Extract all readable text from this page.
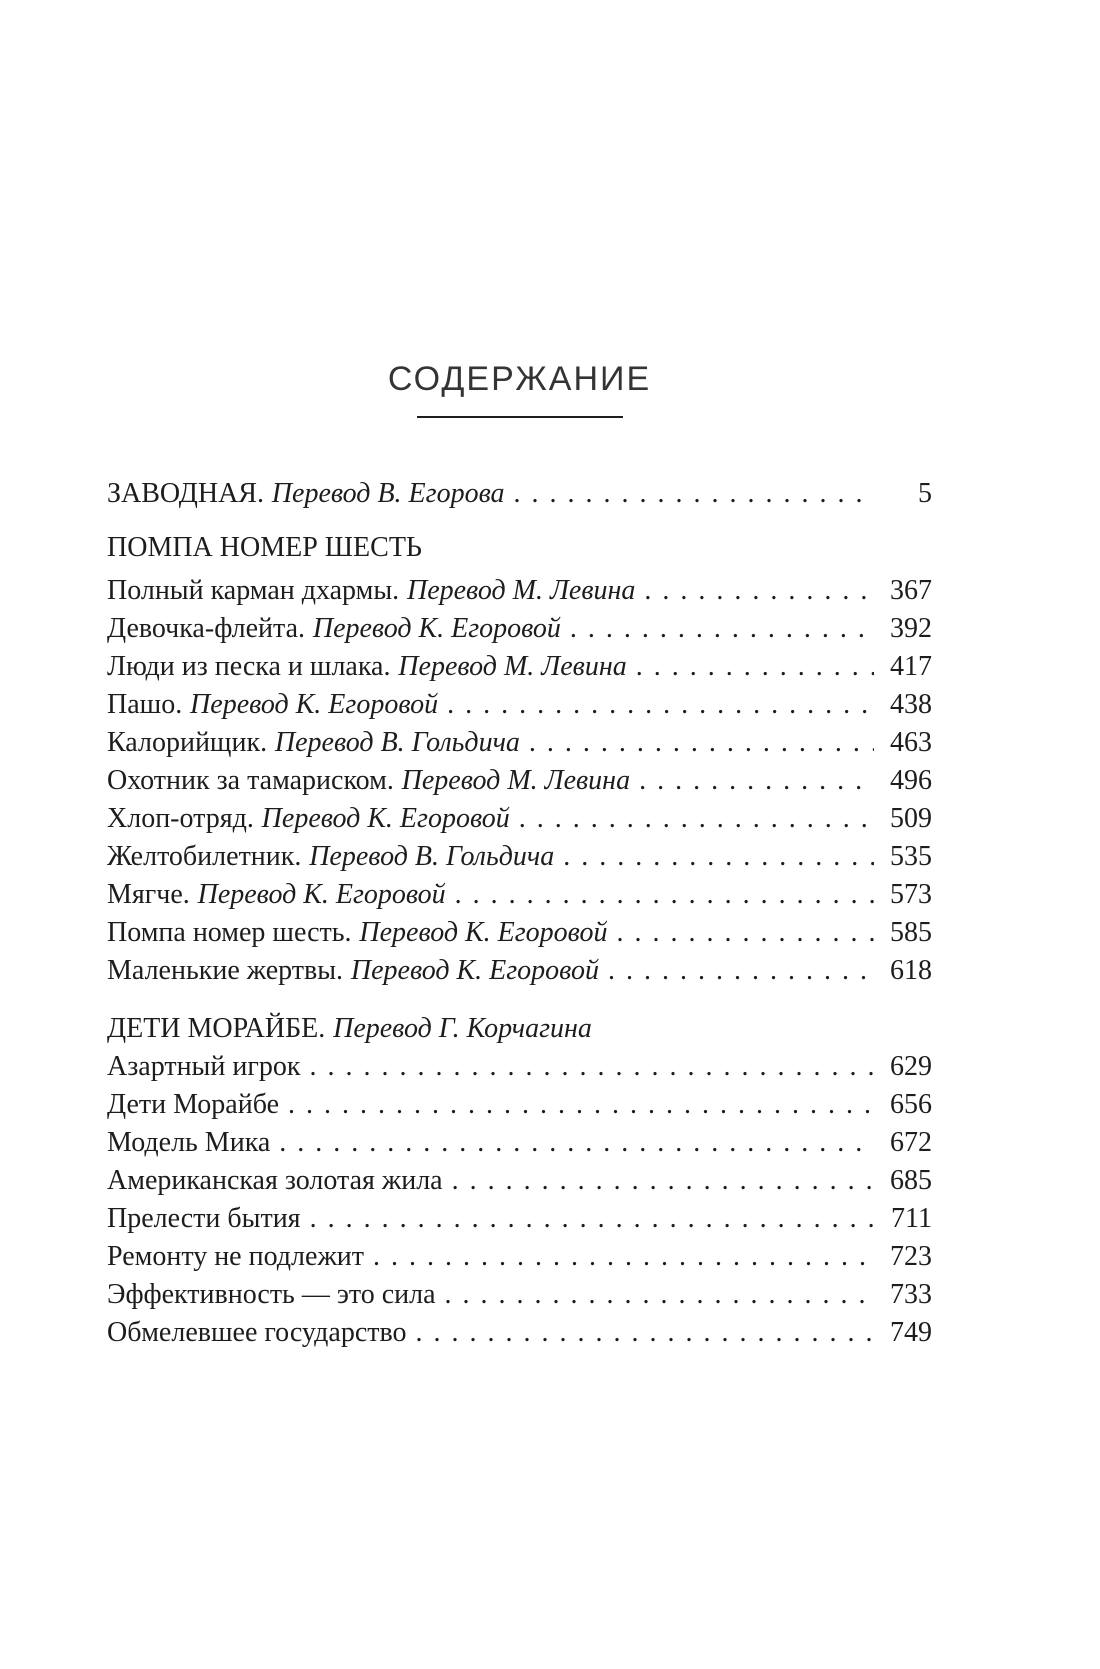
СОДЕРЖАНИЕ
ЗАВОДНАЯ. Перевод В. Егорова .....	5
ПОМПА НОМЕР ШЕСТЬ
Полный карман дхармы. Перевод М. Левина .....	367
Девочка-флейта. Перевод К. Егоровой .....	392
Люди из песка и шлака. Перевод М. Левина .....	417
Пашо. Перевод К. Егоровой .....	438
Калорийщик. Перевод В. Гольдича .....	463
Охотник за тамариском. Перевод М. Левина .....	496
Хлоп-отряд. Перевод К. Егоровой .....	509
Желтобилетник. Перевод В. Гольдича .....	535
Мягче. Перевод К. Егоровой .....	573
Помпа номер шесть. Перевод К. Егоровой .....	585
Маленькие жертвы. Перевод К. Егоровой .....	618
ДЕТИ МОРАЙБЕ. Перевод Г. Корчагина
Азартный игрок .....	629
Дети Морайбе .....	656
Модель Мика .....	672
Американская золотая жила .....	685
Прелести бытия .....	711
Ремонту не подлежит .....	723
Эффективность — это сила .....	733
Обмелевшее государство .....	749
